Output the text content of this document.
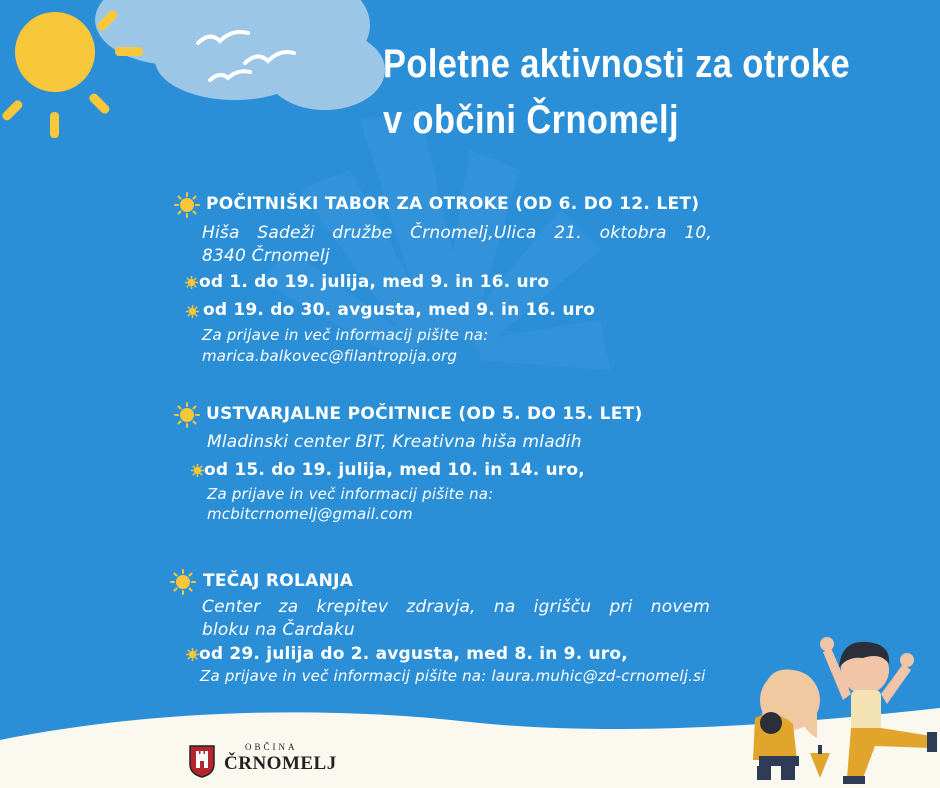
Poletne aktivnosti za otroke
v občini Črnomelj
POČITNIŠKI TABOR ZA OTROKE (OD 6. DO 12. LET)
Hiša Sadeži družbe Črnomelj,Ulica 21. oktobra 10,
8340 Črnomelj
od 1. do 19. julija, med 9. in 16. uro
od 19. do 30. avgusta, med 9. in 16. uro
Za prijave in več informacij pišite na:
marica.balkovec@filantropija.org
USTVARJALNE POČITNICE (OD 5. DO 15. LET)
Mladinski center BIT, Kreativna hiša mladih
od 15. do 19. julija, med 10. in 14. uro,
Za prijave in več informacij pišite na:
mcbitcrnomelj@gmail.com
TEČAJ ROLANJA
Center za krepitev zdravja, na igrišču pri novem
bloku na Čardaku
od 29. julija do 2. avgusta, med 8. in 9. uro,
Za prijave in več informacij pišite na: laura.muhic@zd-crnomelj.si
OBČINA
ČRNOMELJ
